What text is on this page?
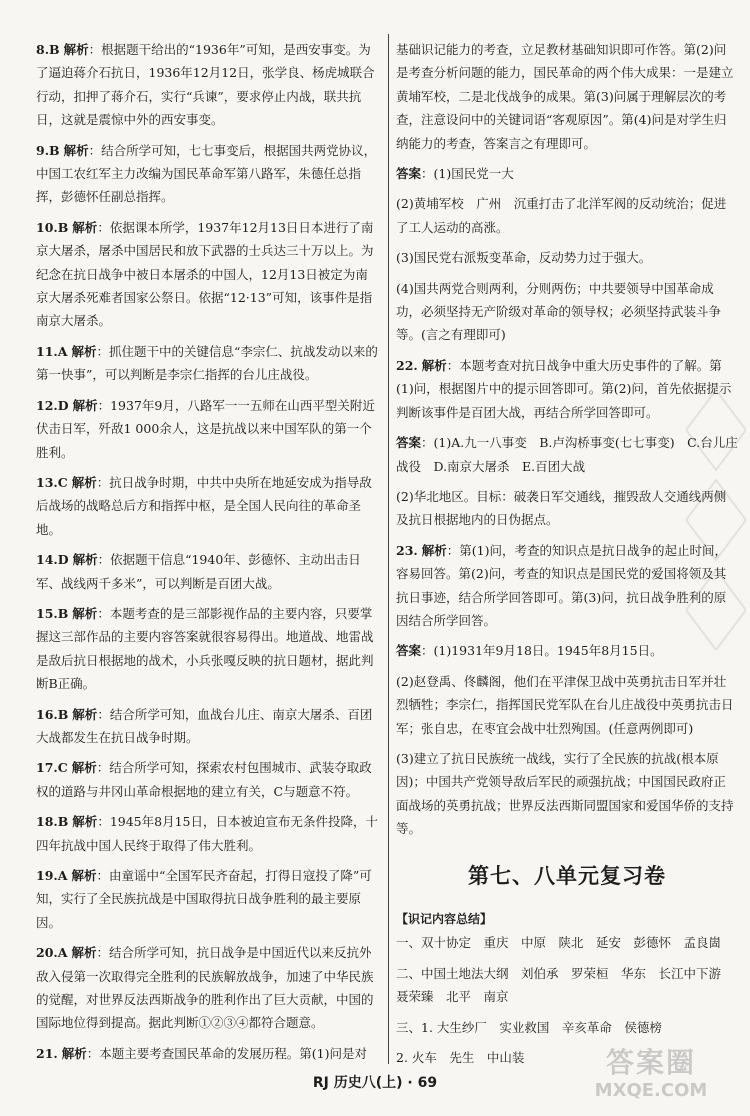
8.B 解析：根据题干给出的“1936年”可知，是西安事变。为了逼迫蒋介石抗日，1936年12月12日，张学良、杨虎城联合行动，扣押了蒋介石，实行“兵谏”，要求停止内战，联共抗日，这就是震惊中外的西安事变。

9.B 解析：结合所学可知，七七事变后，根据国共两党协议，中国工农红军主力改编为国民革命军第八路军，朱德任总指挥，彭德怀任副总指挥。

10.B 解析：依据课本所学，1937年12月13日日本进行了南京大屠杀，屠杀中国居民和放下武器的士兵达三十万以上。为纪念在抗日战争中被日本屠杀的中国人，12月13日被定为南京大屠杀死难者国家公祭日。依据“12·13”可知，该事件是指南京大屠杀。

11.A 解析：抓住题干中的关键信息“李宗仁、抗战发动以来的第一快事”，可以判断是李宗仁指挥的台儿庄战役。

12.D 解析：1937年9月，八路军一一五师在山西平型关附近伏击日军，歼敌1 000余人，这是抗战以来中国军队的第一个胜利。

13.C 解析：抗日战争时期，中共中央所在地延安成为指导敌后战场的战略总后方和指挥中枢，是全国人民向往的革命圣地。

14.D 解析：依据题干信息“1940年、彭德怀、主动出击日军、战线两千多米”，可以判断是百团大战。

15.B 解析：本题考查的是三部影视作品的主要内容，只要掌握这三部作品的主要内容答案就很容易得出。地道战、地雷战是敌后抗日根据地的战术，小兵张嘎反映的抗日题材，据此判断B正确。

16.B 解析：结合所学可知，血战台儿庄、南京大屠杀、百团大战都发生在抗日战争时期。

17.C 解析：结合所学可知，探索农村包围城市、武装夺取政权的道路与井冈山革命根据地的建立有关，C与题意不符。

18.B 解析：1945年8月15日，日本被迫宣布无条件投降，十四年抗战中国人民终于取得了伟大胜利。

19.A 解析：由童谣中“全国军民齐奋起，打得日寇投了降”可知，实行了全民族抗战是中国取得抗日战争胜利的最主要原因。

20.A 解析：结合所学可知，抗日战争是中国近代以来反抗外敌入侵第一次取得完全胜利的民族解放战争，加速了中华民族的觉醒，对世界反法西斯战争的胜利作出了巨大贡献，中国的国际地位得到提高。据此判断①②③④都符合题意。

21. 解析：本题主要考查国民革命的发展历程。第(1)问是对

基础识记能力的考查，立足教材基础知识即可作答。第(2)问是考查分析问题的能力，国民革命的两个伟大成果：一是建立黄埔军校，二是北伐战争的成果。第(3)问属于理解层次的考查，注意设问中的关键词语“客观原因”。第(4)问是对学生归纳能力的考查，答案言之有理即可。

答案：(1)国民党一大

(2)黄埔军校　广州　沉重打击了北洋军阀的反动统治；促进了工人运动的高涨。

(3)国民党右派叛变革命，反动势力过于强大。

(4)国共两党合则两利，分则两伤；中共要领导中国革命成功，必须坚持无产阶级对革命的领导权；必须坚持武装斗争等。(言之有理即可)

22. 解析：本题考查对抗日战争中重大历史事件的了解。第(1)问，根据图片中的提示回答即可。第(2)问，首先依据提示判断该事件是百团大战，再结合所学回答即可。

答案：(1)A.九一八事变　B.卢沟桥事变(七七事变)　C.台儿庄战役　D.南京大屠杀　E.百团大战

(2)华北地区。目标：破袭日军交通线，摧毁敌人交通线两侧及抗日根据地内的日伪据点。

23. 解析：第(1)问，考查的知识点是抗日战争的起止时间，容易回答。第(2)问，考查的知识点是国民党的爱国将领及其抗日事迹，结合所学回答即可。第(3)问，抗日战争胜利的原因结合所学回答。

答案：(1)1931年9月18日。1945年8月15日。

(2)赵登禹、佟麟阁，他们在平津保卫战中英勇抗击日军并壮烈牺牲；李宗仁，指挥国民党军队在台儿庄战役中英勇抗击日军；张自忠，在枣宜会战中壮烈殉国。(任意两例即可)

(3)建立了抗日民族统一战线，实行了全民族的抗战(根本原因)；中国共产党领导敌后军民的顽强抗战；中国国民政府正面战场的英勇抗战；世界反法西斯同盟国家和爱国华侨的支持等。

第七、八单元复习卷

【识记内容总结】

一、双十协定　重庆　中原　陕北　延安　彭德怀　孟良崮

二、中国土地法大纲　刘伯承　罗荣桓　华东　长江中下游　聂荣臻　北平　南京

三、1. 大生纱厂　实业救国　辛亥革命　侯德榜

2. 火车　先生　中山装

RJ 历史八(上) · 69
答案圈
MXQE.COM
